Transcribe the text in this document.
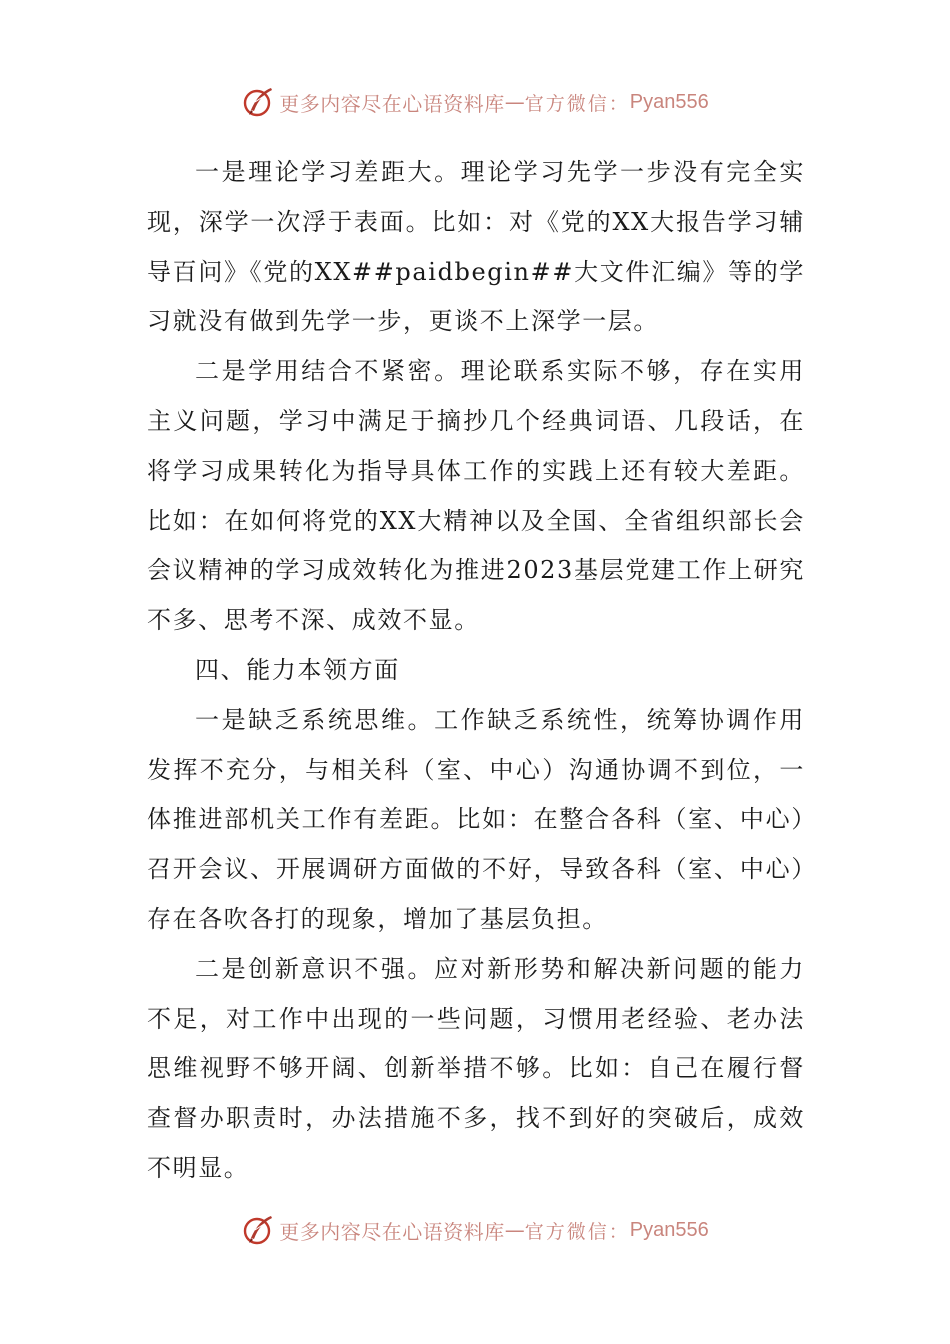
更多内容尽在心语资料库 — 官方微信： Pyan556

一是理论学习差距大。理论学习先学一步没有完全实现，深学一次浮于表面。比如：对《党的XX大报告学习辅导百问》《党的XX##paidbegin##大文件汇编》等的学习就没有做到先学一步，更谈不上深学一层。

二是学用结合不紧密。理论联系实际不够，存在实用主义问题，学习中满足于摘抄几个经典词语、几段话，在将学习成果转化为指导具体工作的实践上还有较大差距。比如：在如何将党的XX大精神以及全国、全省组织部长会会议精神的学习成效转化为推进2023基层党建工作上研究不多、思考不深、成效不显。

四、能力本领方面

一是缺乏系统思维。工作缺乏系统性，统筹协调作用发挥不充分，与相关科（室、中心）沟通协调不到位，一体推进部机关工作有差距。比如：在整合各科（室、中心）召开会议、开展调研方面做的不好，导致各科（室、中心）存在各吹各打的现象，增加了基层负担。

二是创新意识不强。应对新形势和解决新问题的能力不足，对工作中出现的一些问题，习惯用老经验、老办法思维视野不够开阔、创新举措不够。比如：自己在履行督查督办职责时，办法措施不多，找不到好的突破后，成效不明显。

更多内容尽在心语资料库 — 官方微信： Pyan556
